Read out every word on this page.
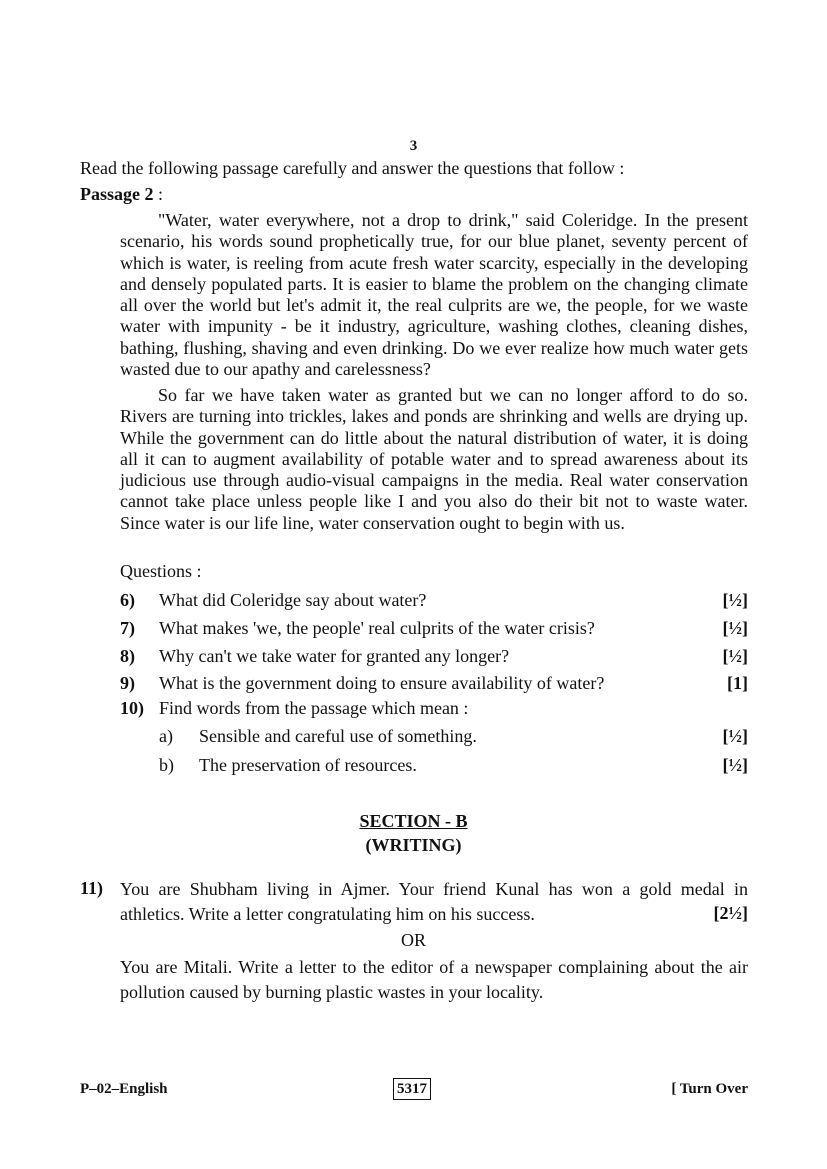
3
Read the following passage carefully and answer the questions that follow :
Passage 2 :
"Water, water everywhere, not a drop to drink," said Coleridge. In the present scenario, his words sound prophetically true, for our blue planet, seventy percent of which is water, is reeling from acute fresh water scarcity, especially in the developing and densely populated parts. It is easier to blame the problem on the changing climate all over the world but let's admit it, the real culprits are we, the people, for we waste water with impunity - be it industry, agriculture, washing clothes, cleaning dishes, bathing, flushing, shaving and even drinking. Do we ever realize how much water gets wasted due to our apathy and carelessness?
So far we have taken water as granted but we can no longer afford to do so. Rivers are turning into trickles, lakes and ponds are shrinking and wells are drying up. While the government can do little about the natural distribution of water, it is doing all it can to augment availability of potable water and to spread awareness about its judicious use through audio-visual campaigns in the media. Real water conservation cannot take place unless people like I and you also do their bit not to waste water. Since water is our life line, water conservation ought to begin with us.
Questions :
6) What did Coleridge say about water?	[½]
7) What makes 'we, the people' real culprits of the water crisis?	[½]
8) Why can't we take water for granted any longer?	[½]
9) What is the government doing to ensure availability of water?	[1]
10) Find words from the passage which mean :
a) Sensible and careful use of something.	[½]
b) The preservation of resources.	[½]
SECTION - B
(WRITING)
11) You are Shubham living in Ajmer. Your friend Kunal has won a gold medal in athletics. Write a letter congratulating him on his success.	[2½]
OR
You are Mitali. Write a letter to the editor of a newspaper complaining about the air pollution caused by burning plastic wastes in your locality.
P–02–English	5317	[ Turn Over
